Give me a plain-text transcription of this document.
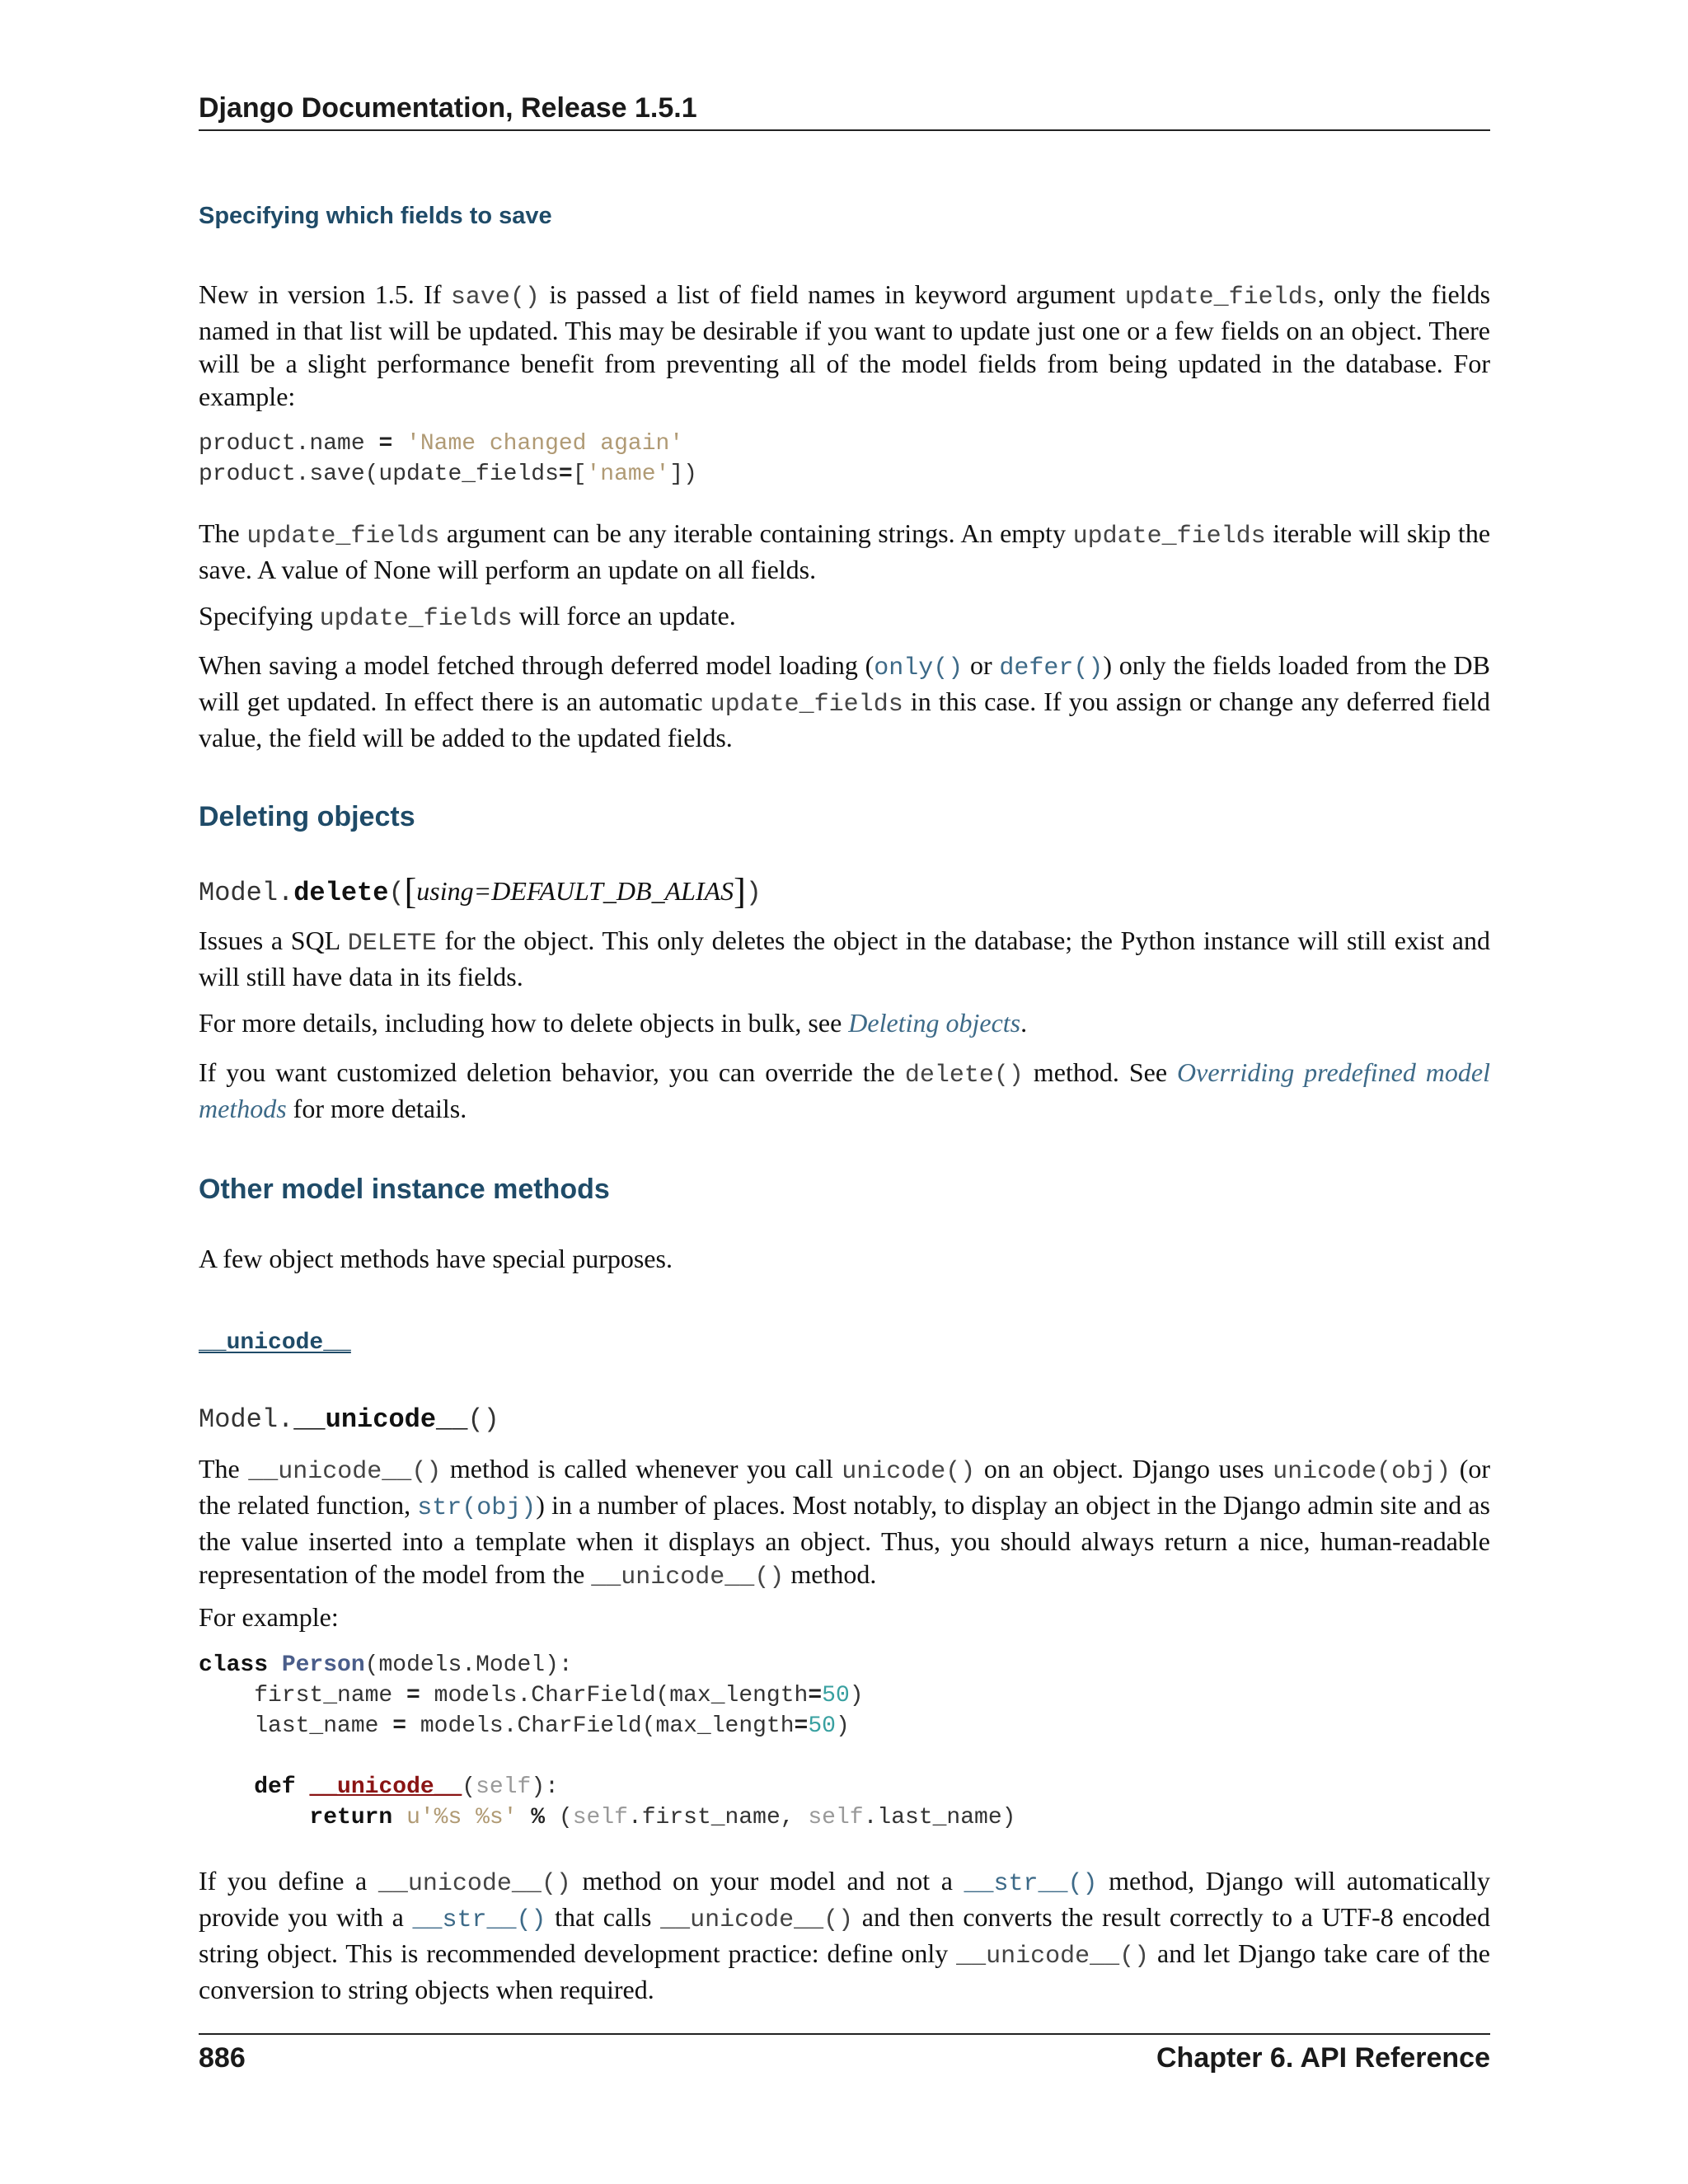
Django Documentation, Release 1.5.1
Specifying which fields to save

New in version 1.5. If save() is passed a list of field names in keyword argument update_fields, only the fields named in that list will be updated. This may be desirable if you want to update just one or a few fields on an object. There will be a slight performance benefit from preventing all of the model fields from being updated in the database. For example:

product.name = 'Name changed again'
product.save(update_fields=['name'])

The update_fields argument can be any iterable containing strings. An empty update_fields iterable will skip the save. A value of None will perform an update on all fields.

Specifying update_fields will force an update.

When saving a model fetched through deferred model loading (only() or defer()) only the fields loaded from the DB will get updated. In effect there is an automatic update_fields in this case. If you assign or change any deferred field value, the field will be added to the updated fields.

Deleting objects
Model.delete([using=DEFAULT_DB_ALIAS])

Issues a SQL DELETE for the object. This only deletes the object in the database; the Python instance will still exist and will still have data in its fields.

For more details, including how to delete objects in bulk, see Deleting objects.

If you want customized deletion behavior, you can override the delete() method. See Overriding predefined model methods for more details.

Other model instance methods

A few object methods have special purposes.

__unicode__
Model.__unicode__()

The __unicode__() method is called whenever you call unicode() on an object. Django uses unicode(obj) (or the related function, str(obj)) in a number of places. Most notably, to display an object in the Django admin site and as the value inserted into a template when it displays an object. Thus, you should always return a nice, human-readable representation of the model from the __unicode__() method.

For example:

class Person(models.Model):
first_name = models.CharField(max_length=50)
last_name = models.CharField(max_length=50)

def __unicode__(self):
return u'%s %s' % (self.first_name, self.last_name)

If you define a __unicode__() method on your model and not a __str__() method, Django will automatically provide you with a __str__() that calls __unicode__() and then converts the result correctly to a UTF-8 encoded string object. This is recommended development practice: define only __unicode__() and let Django take care of the conversion to string objects when required.

886	Chapter 6. API Reference
